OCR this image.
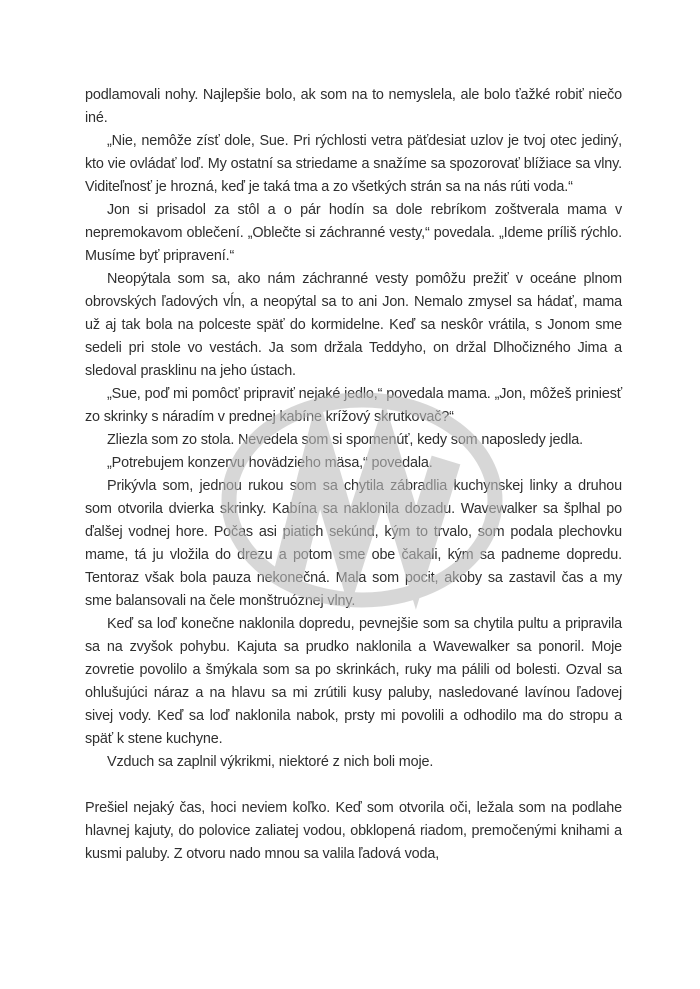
podlamovali nohy. Najlepšie bolo, ak som na to nemyslela, ale bolo ťažké robiť niečo iné.

„Nie, nemôže zísť dole, Sue. Pri rýchlosti vetra päťdesiat uzlov je tvoj otec jediný, kto vie ovládať loď. My ostatní sa striedame a snažíme sa spozorovať blížiace sa vlny. Viditeľnosť je hrozná, keď je taká tma a zo všetkých strán sa na nás rúti voda.“

Jon si prisadol za stôl a o pár hodín sa dole rebríkom zoštverala mama v nepremokavom oblečení. „Oblečte si záchranné vesty,“ povedala. „Ideme príliš rýchlo. Musíme byť pripravení.“

Neopýtala som sa, ako nám záchranné vesty pomôžu prežiť v oceáne plnom obrovských ľadových vĺn, a neopýtal sa to ani Jon. Nemalo zmysel sa hádať, mama už aj tak bola na polceste späť do kormidelne. Keď sa neskôr vrátila, s Jonom sme sedeli pri stole vo vestách. Ja som držala Teddyho, on držal Dlhočizného Jima a sledoval prasklinu na jeho ústach.

„Sue, poď mi pomôcť pripraviť nejaké jedlo,“ povedala mama. „Jon, môžeš priniesť zo skrinky s náradím v prednej kabíne krížový skrutkovač?“

Zliezla som zo stola. Nevedela som si spomenúť, kedy som naposledy jedla.

„Potrebujem konzervu hovädzieho mäsa,“ povedala.

Prikývla som, jednou rukou som sa chytila zábradlia kuchynskej linky a druhou som otvorila dvierka skrinky. Kabína sa naklonila dozadu. Wavewalker sa šplhal po ďalšej vodnej hore. Počas asi piatich sekúnd, kým to trvalo, som podala plechovku mame, tá ju vložila do drezu a potom sme obe čakali, kým sa padneme dopredu. Tentoraz však bola pauza nekonečná. Mala som pocit, akoby sa zastavil čas a my sme balansovali na čele monštruóznej vlny.

Keď sa loď konečne naklonila dopredu, pevnejšie som sa chytila pultu a pripravila sa na zvyšok pohybu. Kajuta sa prudko naklonila a Wavewalker sa ponoril. Moje zovretie povolilo a šmýkala som sa po skrinkách, ruky ma pálili od bolesti. Ozval sa ohlušujúci náraz a na hlavu sa mi zrútili kusy paluby, nasledované lavínou ľadovej sivej vody. Keď sa loď naklonila nabok, prsty mi povolili a odhodilo ma do stropu a späť k stene kuchyne.

Vzduch sa zaplnil výkrikmi, niektoré z nich boli moje.

Prešiel nejaký čas, hoci neviem koľko. Keď som otvorila oči, ležala som na podlahe hlavnej kajuty, do polovice zaliatej vodou, obklopená riadom, premočenými knihami a kusmi paluby. Z otvoru nado mnou sa valila ľadová voda,
